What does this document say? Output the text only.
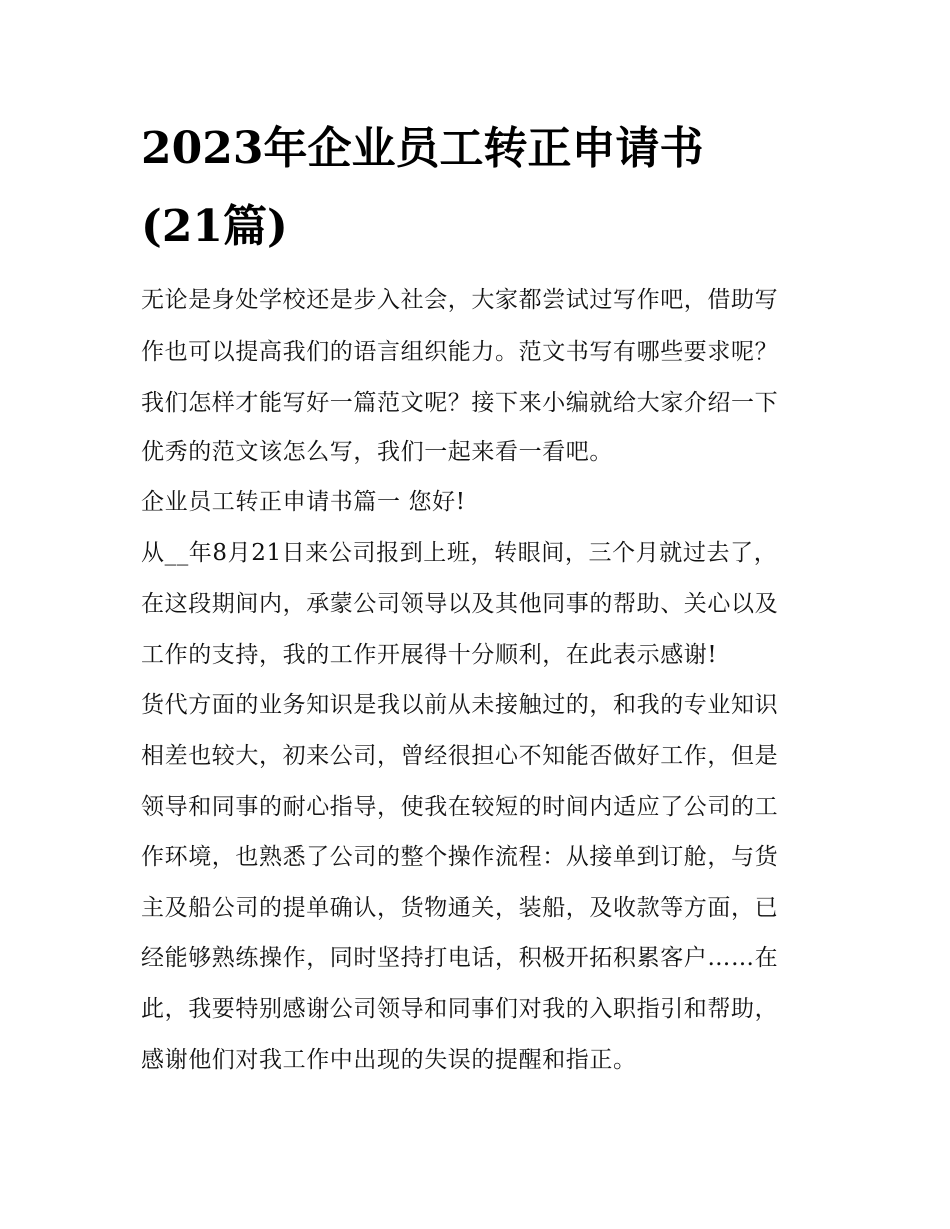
2023年企业员工转正申请书
(21篇)
无论是身处学校还是步入社会，大家都尝试过写作吧，借助写
作也可以提高我们的语言组织能力。范文书写有哪些要求呢？
我们怎样才能写好一篇范文呢？接下来小编就给大家介绍一下
优秀的范文该怎么写，我们一起来看一看吧。
企业员工转正申请书篇一 您好!
从__年8月21日来公司报到上班，转眼间，三个月就过去了，
在这段期间内，承蒙公司领导以及其他同事的帮助、关心以及
工作的支持，我的工作开展得十分顺利，在此表示感谢!
货代方面的业务知识是我以前从未接触过的，和我的专业知识
相差也较大，初来公司，曾经很担心不知能否做好工作，但是
领导和同事的耐心指导，使我在较短的时间内适应了公司的工
作环境，也熟悉了公司的整个操作流程：从接单到订舱，与货
主及船公司的提单确认，货物通关，装船，及收款等方面，已
经能够熟练操作，同时坚持打电话，积极开拓积累客户……在
此，我要特别感谢公司领导和同事们对我的入职指引和帮助，
感谢他们对我工作中出现的失误的提醒和指正。
